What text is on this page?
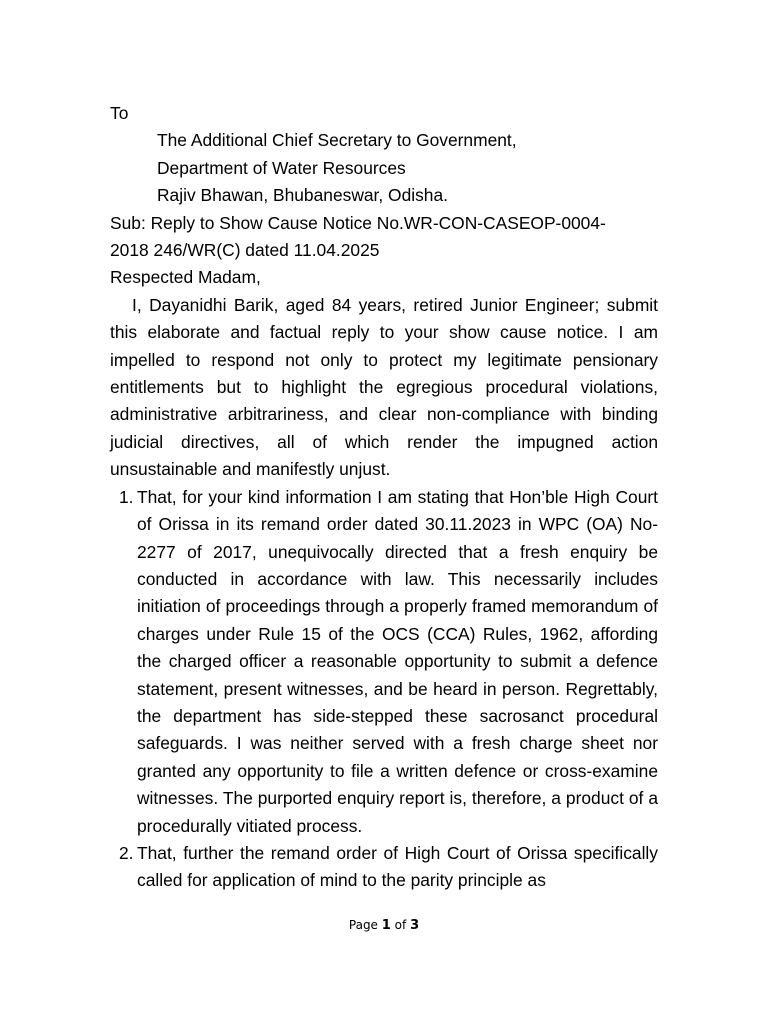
To
The Additional Chief Secretary to Government,
Department of Water Resources
Rajiv Bhawan, Bhubaneswar, Odisha.
Sub: Reply to Show Cause Notice No.WR-CON-CASEOP-0004-
2018 246/WR(C) dated 11.04.2025
Respected Madam,

I, Dayanidhi Barik, aged 84 years, retired Junior Engineer; submit this elaborate and factual reply to your show cause notice. I am impelled to respond not only to protect my legitimate pensionary entitlements but to highlight the egregious procedural violations, administrative arbitrariness, and clear non-compliance with binding judicial directives, all of which render the impugned action unsustainable and manifestly unjust.

1. That, for your kind information I am stating that Hon’ble High Court of Orissa in its remand order dated 30.11.2023 in WPC (OA) No-2277 of 2017, unequivocally directed that a fresh enquiry be conducted in accordance with law. This necessarily includes initiation of proceedings through a properly framed memorandum of charges under Rule 15 of the OCS (CCA) Rules, 1962, affording the charged officer a reasonable opportunity to submit a defence statement, present witnesses, and be heard in person. Regrettably, the department has side-stepped these sacrosanct procedural safeguards. I was neither served with a fresh charge sheet nor granted any opportunity to file a written defence or cross-examine witnesses. The purported enquiry report is, therefore, a product of a procedurally vitiated process.
2. That, further the remand order of High Court of Orissa specifically called for application of mind to the parity principle as
Page 1 of 3
